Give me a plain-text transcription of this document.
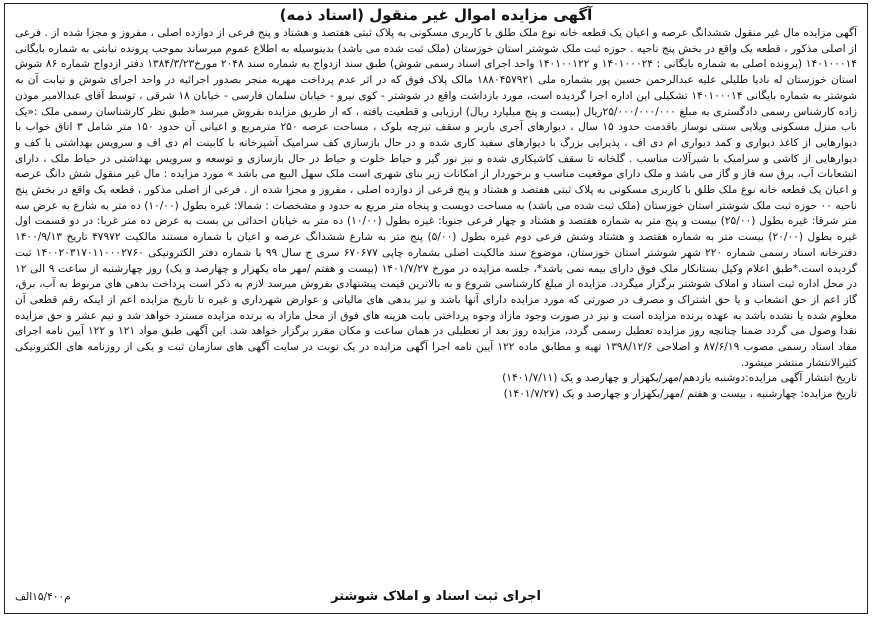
آگهی مزایده اموال غیر منقول (اسناد ذمه)

آگهی مزایده مال غیر منقول ششدانگ عرصه و اعیان یک قطعه خانه نوع ملک طلق با کاربری مسکونی به پلاک ثبتی هفتصد و هشتاد و پنج فرعی از دوازده اصلی ، مفروز و مجزا شده از . فرعی از اصلی مذکور ، قطعه یک واقع در بخش پنج ناحیه . حوزه ثبت ملک شوشتر استان خوزستان (ملک ثبت شده می باشد) بدینوسیله به اطلاع عموم میرساند بموجب پرونده نیابتی به شماره بایگانی ۱۴۰۱۰۰۰۱۴ (پرونده اصلی به شماره بایگانی : ۱۴۰۱۰۰۰۲۴ و ۱۴۰۱۰۰۱۲۲ واحد اجرای اسناد رسمی شوش) طبق سند ازدواج به شماره سند ۲۰۴۸ مورخ۱۳۸۴/۳/۲۳ دفتر ازدواج شماره ۸۶ شوش استان خوزستان له نادیا طلیلی علیه عبدالرحمن حسین پور بشماره ملی ۱۸۸۰۴۵۷۹۲۱ مالک پلاک فوق که در اثر عدم پرداخت مهریه منجر بصدور اجرائیه در واحد اجرای شوش و نیابت آن به شوشتر به شماره بایگانی ۱۴۰۱۰۰۰۱۴ تشکیلی این اداره اجرا گردیده است، مورد بازداشت واقع در شوشتر - کوی نیرو - خیابان سلمان فارسی - خیابان ۱۸ شرقی ، توسط آقای عبدالامیر موذن زاده کارشناس رسمی دادگستری به مبلغ ۲۵/۰۰۰/۰۰۰/۰۰۰ریال (بیست و پنج میلیارد ریال) ارزیابی و قطعیت یافته ، که از طریق مزایده بفروش میرسد «طبق نظر کارشناسان رسمی ملک :«یک باب منزل مسکونی ویلایی سنتی نوساز باقدمت حدود ۱۵ سال ، دیوارهای آجری باربر و سقف تیرچه بلوک ، مساحت عرصه ۲۵۰ مترمربع و اعیانی آن حدود ۱۵۰ متر شامل ۳ اتاق خواب با دیوارهایی از کاغذ دیواری و کمد دیواری ام دی اف ، پذیرایی بزرگ با دیوارهای سفید کاری شده و در حال بازسازی کف سرامیک آشپزخانه با کابینت ام دی اف و سرویس بهداشتی با کف و دیوارهایی از کاشی و سرامیک با شیرآلات مناسب . گلخانه تا سقف کاشیکاری شده و نیز نور گیر و حیاط خلوت و حیاط در حال بازسازی و توسعه و سرویس بهداشتی در حیاط ملک ، دارای انشعابات آب، برق سه فاز و گاز می باشد و ملک دارای موقعیت مناسب و برخوردار از امکانات زیر بنای شهری است ملک سهل البیع می باشد » مورد مزایده : مال غیر منقول شش دانگ عرصه و اعیان یک قطعه خانه نوع ملک طلق با کاربری مسکونی به پلاک ثبتی هفتصد و هشتاد و پنج فرعی از دوازده اصلی ، مفروز و مجزا شده از . فرعی از اصلی مذکور ، قطعه یک واقع در بخش پنج ناحیه ۰۰ حوزه ثبت ملک شوشتر استان خوزستان (ملک ثبت شده می باشد) به مساحت دویست و پنجاه متر مربع به حدود و مشخصات : شمالا: غیره بطول (۱۰/۰۰) ده متر به شارع به عرض سه متر شرقا: غیره بطول (۲۵/۰۰) بیست و پنج متر به شماره هفتصد و هشتاد و چهار فرعی جنوبا: غیره بطول (۱۰/۰۰) ده متر به خیابان احداثی بن بست به عرض ده متر غربا: در دو قسمت اول غیره بطول (۲۰/۰۰) بیست متر به شماره هفتصد و هشتاد وشش فرعی دوم غیره بطول (۵/۰۰) پنج متر به شارع ششدانگ عرصه و اعیان با شماره مستند مالکیت ۴۷۹۷۲ تاریخ ۱۴۰۰/۹/۱۳ دفترخانه اسناد رسمی شماره ۲۲۰ شهر شوشتر استان خوزستان، موضوع سند مالکیت اصلی بشماره چاپی ۶۷۰۶۷۷ سری ج سال ۹۹ با شماره دفتر الکترونیکی ۱۴۰۰۲۰۳۱۷۰۱۱۰۰۰۲۷۶۰ ثبت گردیده است.*طبق اعلام وکیل بستانکار ملک فوق دارای بیمه نمی باشد*، جلسه مزایده در مورخ ۱۴۰۱/۷/۲۷ (بیست و هفتم /مهر ماه یکهزار و چهارصد و یک) روز چهارشنبه از ساعت ۹ الی ۱۲ در محل اداره ثبت اسناد و املاک شوشتر برگزار میگردد. مزایده از مبلغ کارشناسی شروع و به بالاترین قیمت پیشنهادی بفروش میرسد لازم به ذکر است پرداخت بدهی های مربوط به آب، برق، گاز اعم از حق انشعاب و یا حق اشتراک و مصرف در صورتی که مورد مزایده دارای آنها باشد و نیز بدهی های مالیاتی و عوارض شهرداری و غیره تا تاریخ مزایده اعم از اینکه رقم قطعی آن معلوم شده یا نشده باشد به عهده برنده مزایده است و نیز در صورت وجود مازاد وجوه پرداختی بابت هزینه های فوق از محل مازاد به برنده مزایده مسترد خواهد شد و نیم عشر و حق مزایده نقدا وصول می گردد ضمنا چنانچه روز مزایده تعطیل رسمی گردد، مزایده روز بعد از تعطیلی در همان ساعت و مکان مقرر برگزار خواهد شد. این آگهی طبق مواد ۱۲۱ و ۱۲۲ آیین نامه اجرای مفاد اسناد رسمی مصوب ۸۷/۶/۱۹ و اصلاحی ۱۳۹۸/۱۲/۶ تهیه و مطابق ماده ۱۲۲ آیین نامه اجرا آگهی مزایده در یک نوبت در سایت آگهی های سازمان ثبت و یکی از روزنامه های الکترونیکی کثیرالانتشار منتشر میشود.

تاریخ انتشار آگهی مزایده:دوشنبه یازدهم/مهر/یکهزار و چهارصد و یک (۱۴۰۱/۷/۱۱)

تاریخ مزایده: چهارشنبه ، بیست و هفتم /مهر/یکهزار و چهارصد و یک (۱۴۰۱/۷/۲۷)

اجرای ثبت اسناد و املاک شوشتر
م۱۵/۴۰۰الف
